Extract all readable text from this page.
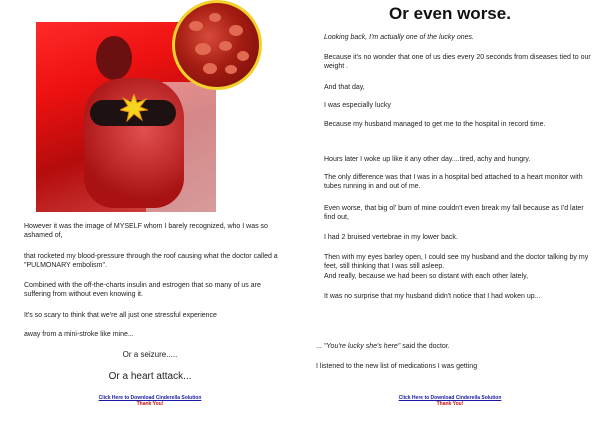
However it was the image of MYSELF whom I barely recognized, who I was so ashamed of,

that rocketed my blood-pressure through the roof causing what the doctor called a "PULMONARY embolism".

Combined with the off-the-charts insulin and estrogen that so many of us are suffering from without even knowing it.

It's so scary to think that we're all just one stressful experience

away from a mini-stroke like mine...

Or a seizure.....

Or a heart attack...

Click Here to Download Cinderella Solution
Thank You!

Or even worse.

Looking back, I'm actually one of the lucky ones.

Because it's no wonder that one of us dies every 20 seconds from diseases tied to our weight .

And that day,

I was especially lucky

Because my husband managed to get me to the hospital in record time.

Hours later I woke up like it any other day....tired, achy and hungry.

The only difference was that I was in a hospital bed attached to a heart monitor with tubes running in and out of me.

Even worse, that big ol' bum of mine couldn't even break my fall because as I'd later find out,

I had 2 bruised vertebrae in my lower back.

Then with my eyes barley open, I could see my husband and the doctor talking by my feet, still thinking that I was still asleep.

And really, because we had been so distant with each other lately,

It was no surprise that my husband didn't notice that I had woken up...

... "You're lucky she's here" said the doctor.

I listened to the new list of medications I was getting

Click Here to Download Cinderella Solution
Thank You!
